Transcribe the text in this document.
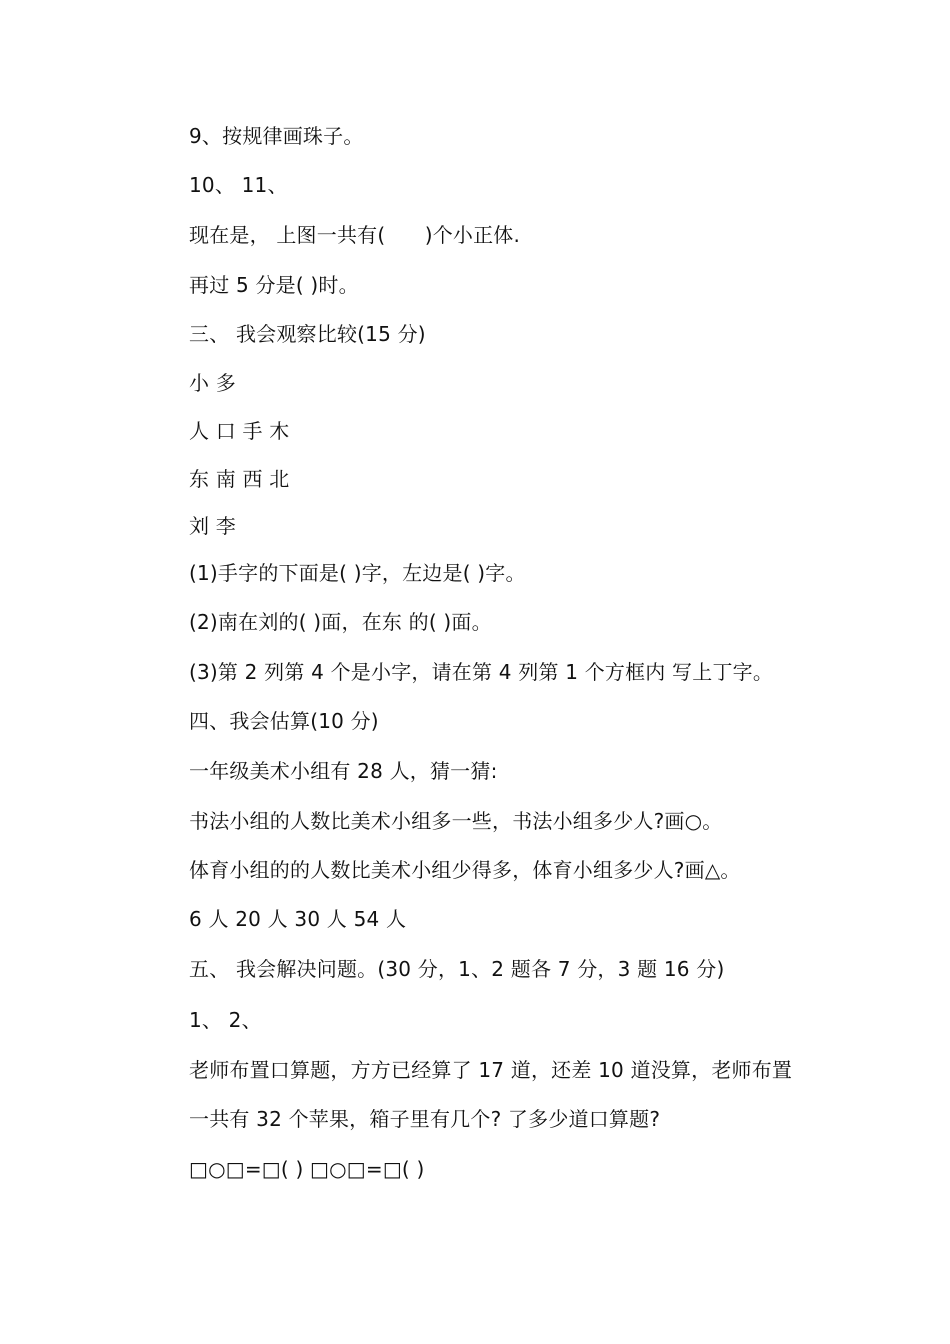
9、按规律画珠子。
10、 11、
现在是， 上图一共有(      )个小正体.
再过 5 分是( )时。
三、 我会观察比较(15 分)
小 多
人 口 手 木
东 南 西 北
刘 李
(1)手字的下面是( )字，左边是( )字。
(2)南在刘的( )面，在东 的( )面。
(3)第 2 列第 4 个是小字，请在第 4 列第 1 个方框内 写上丁字。
四、我会估算(10 分)
一年级美术小组有 28 人，猜一猜:
书法小组的人数比美术小组多一些，书法小组多少人?画○。
体育小组的的人数比美术小组少得多，体育小组多少人?画△。
6 人 20 人 30 人 54 人
五、 我会解决问题。(30 分，1、2 题各 7 分，3 题 16 分)
1、 2、
老师布置口算题，方方已经算了 17 道，还差 10 道没算，老师布置
一共有 32 个苹果，箱子里有几个? 了多少道口算题?
□○□=□( ) □○□=□( )
